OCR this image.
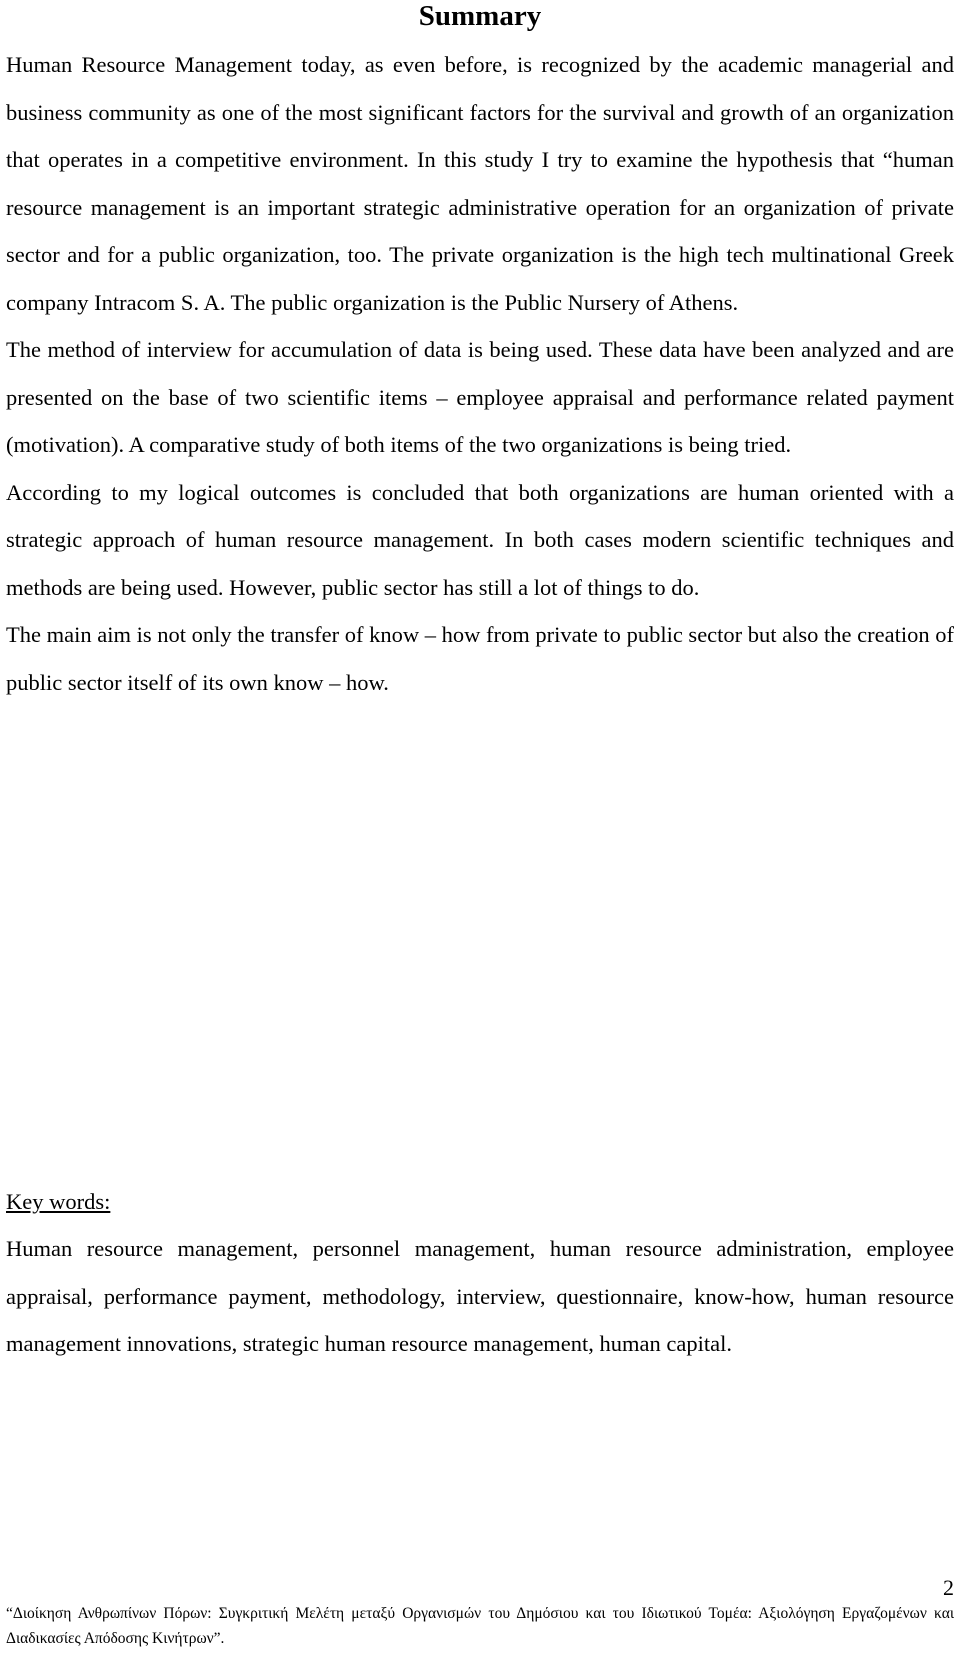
Summary

Human Resource Management today, as even before, is recognized by the academic managerial and business community as one of the most significant factors for the survival and growth of an organization that operates in a competitive environment. In this study I try to examine the hypothesis that “human resource management is an important strategic administrative operation for an organization of private sector and for a public organization, too. The private organization is the high tech multinational Greek company Intracom S. A. The public organization is the Public Nursery of Athens.

The method of interview for accumulation of data is being used. These data have been analyzed and are presented on the base of two scientific items – employee appraisal and performance related payment (motivation). A comparative study of both items of the two organizations is being tried.

According to my logical outcomes is concluded that both organizations are human oriented with a strategic approach of human resource management. In both cases modern scientific techniques and methods are being used. However, public sector has still a lot of things to do.

The main aim is not only the transfer of know – how from private to public sector but also the creation of public sector itself of its own know – how.

Key words:

Human resource management, personnel management, human resource administration, employee appraisal, performance payment, methodology, interview, questionnaire, know-how, human resource management innovations, strategic human resource management, human capital.

2

“Διοίκηση Ανθρωπίνων Πόρων: Συγκριτική Μελέτη μεταξύ Οργανισμών του Δημόσιου και του Ιδιωτικού Τομέα: Αξιολόγηση Εργαζομένων και Διαδικασίες Απόδοσης Κινήτρων”.
